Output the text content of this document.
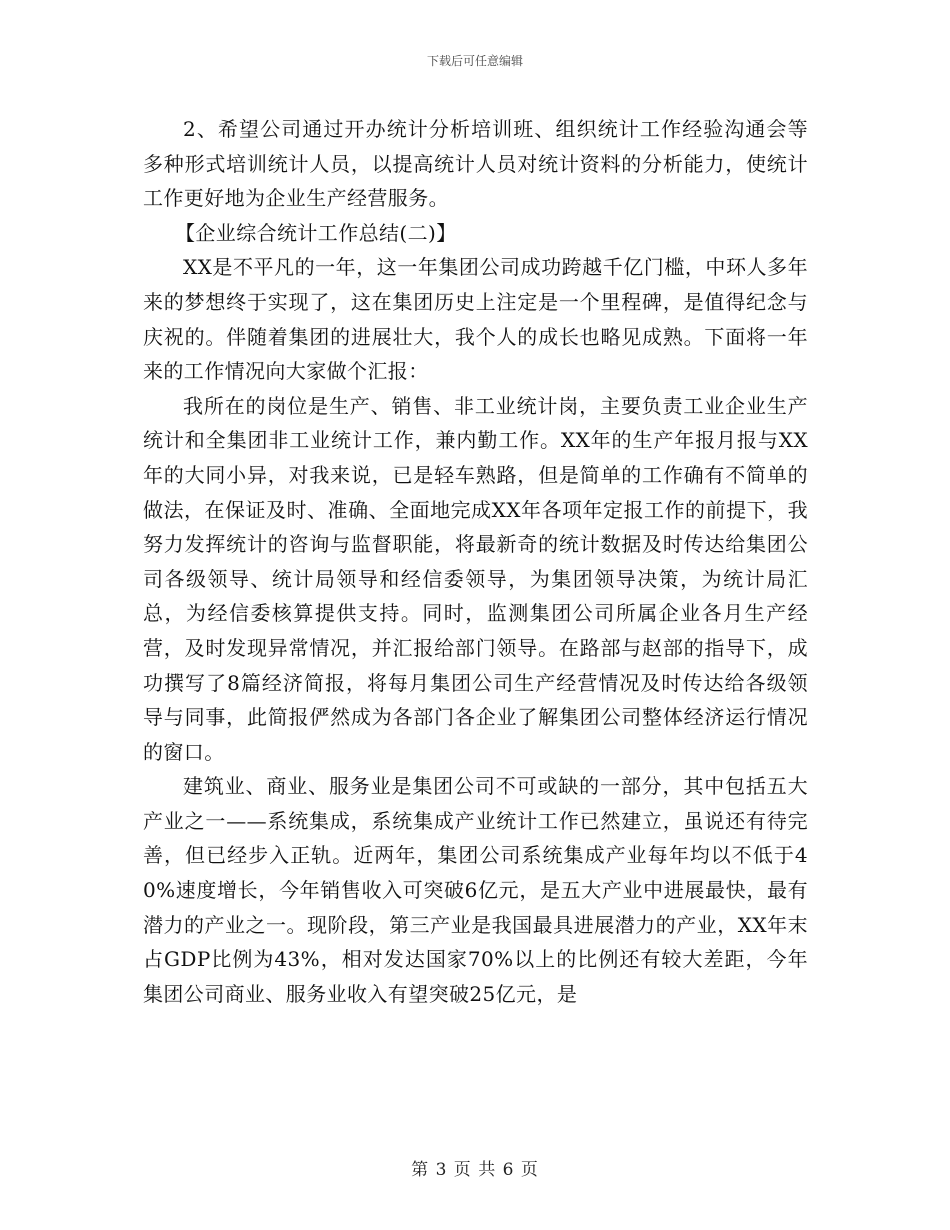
下载后可任意编辑

2、希望公司通过开办统计分析培训班、组织统计工作经验沟通会等多种形式培训统计人员，以提高统计人员对统计资料的分析能力，使统计工作更好地为企业生产经营服务。

【企业综合统计工作总结(二)】

XX是不平凡的一年，这一年集团公司成功跨越千亿门槛，中环人多年来的梦想终于实现了，这在集团历史上注定是一个里程碑，是值得纪念与庆祝的。伴随着集团的进展壮大，我个人的成长也略见成熟。下面将一年来的工作情况向大家做个汇报：

我所在的岗位是生产、销售、非工业统计岗，主要负责工业企业生产统计和全集团非工业统计工作，兼内勤工作。XX年的生产年报月报与XX年的大同小异，对我来说，已是轻车熟路，但是简单的工作确有不简单的做法，在保证及时、准确、全面地完成XX年各项年定报工作的前提下，我努力发挥统计的咨询与监督职能，将最新奇的统计数据及时传达给集团公司各级领导、统计局领导和经信委领导，为集团领导决策，为统计局汇总，为经信委核算提供支持。同时，监测集团公司所属企业各月生产经营，及时发现异常情况，并汇报给部门领导。在路部与赵部的指导下，成功撰写了8篇经济简报，将每月集团公司生产经营情况及时传达给各级领导与同事，此简报俨然成为各部门各企业了解集团公司整体经济运行情况的窗口。

建筑业、商业、服务业是集团公司不可或缺的一部分，其中包括五大产业之一——系统集成，系统集成产业统计工作已然建立，虽说还有待完善，但已经步入正轨。近两年，集团公司系统集成产业每年均以不低于40%速度增长，今年销售收入可突破6亿元，是五大产业中进展最快，最有潜力的产业之一。现阶段，第三产业是我国最具进展潜力的产业，XX年末占GDP比例为43%，相对发达国家70%以上的比例还有较大差距，今年集团公司商业、服务业收入有望突破25亿元，是

第 3 页 共 6 页
